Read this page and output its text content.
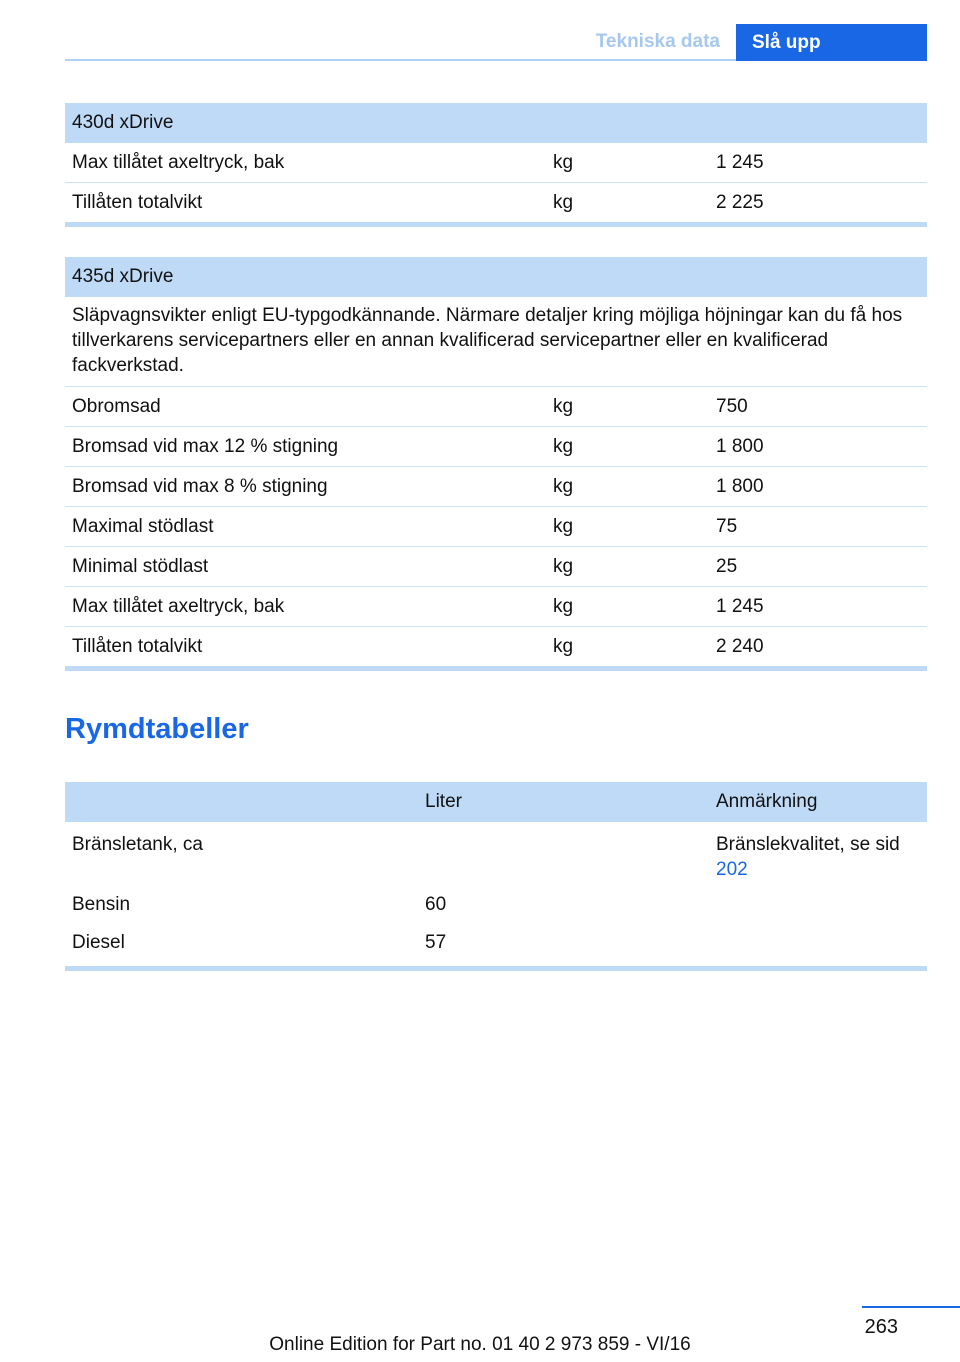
Tekniska data	Slå upp
430d xDrive		
Max tillåtet axeltryck, bak	kg	1 245
Tillåten totalvikt	kg	2 225
435d xDrive		
Släpvagnsvikter enligt EU-typgodkännande. Närmare detaljer kring möjliga höjningar kan du få hos tillverkarens servicepartners eller en annan kvalificerad servicepartner eller en kvalificerad fackverkstad.		
Obromsad	kg	750
Bromsad vid max 12 % stigning	kg	1 800
Bromsad vid max 8 % stigning	kg	1 800
Maximal stödlast	kg	75
Minimal stödlast	kg	25
Max tillåtet axeltryck, bak	kg	1 245
Tillåten totalvikt	kg	2 240
Rymdtabeller
	Liter	Anmärkning
Bränsletank, ca		Bränslekvalitet, se sid 202
Bensin	60	
Diesel	57	
263
Online Edition for Part no. 01 40 2 973 859 - VI/16
